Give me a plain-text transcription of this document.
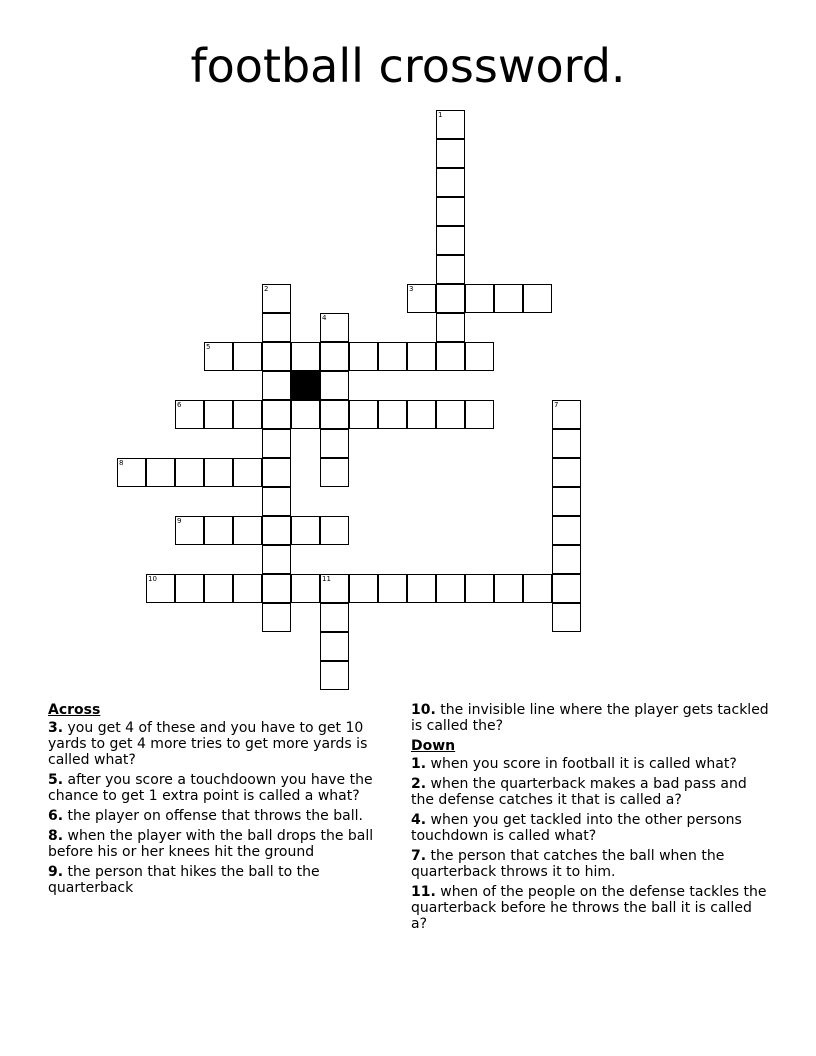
football crossword.
1
3
2
4
5
6	7
8
9
10	11
Across
3. you get 4 of these and you have to get 10 yards to get 4 more tries to get more yards is called what?
5. after you score a touchdoown you have the chance to get 1 extra point is called a what?
6. the player on offense that throws the ball.
8. when the player with the ball drops the ball before his or her knees hit the ground
9. the person that hikes the ball to the quarterback
10. the invisible line where the player gets tackled is called the?
Down
1. when you score in football it is called what?
2. when the quarterback makes a bad pass and the defense catches it that is called a?
4. when you get tackled into the other persons touchdown is called what?
7. the person that catches the ball when the quarterback throws it to him.
11. when of the people on the defense tackles the quarterback before he throws the ball it is called a?
